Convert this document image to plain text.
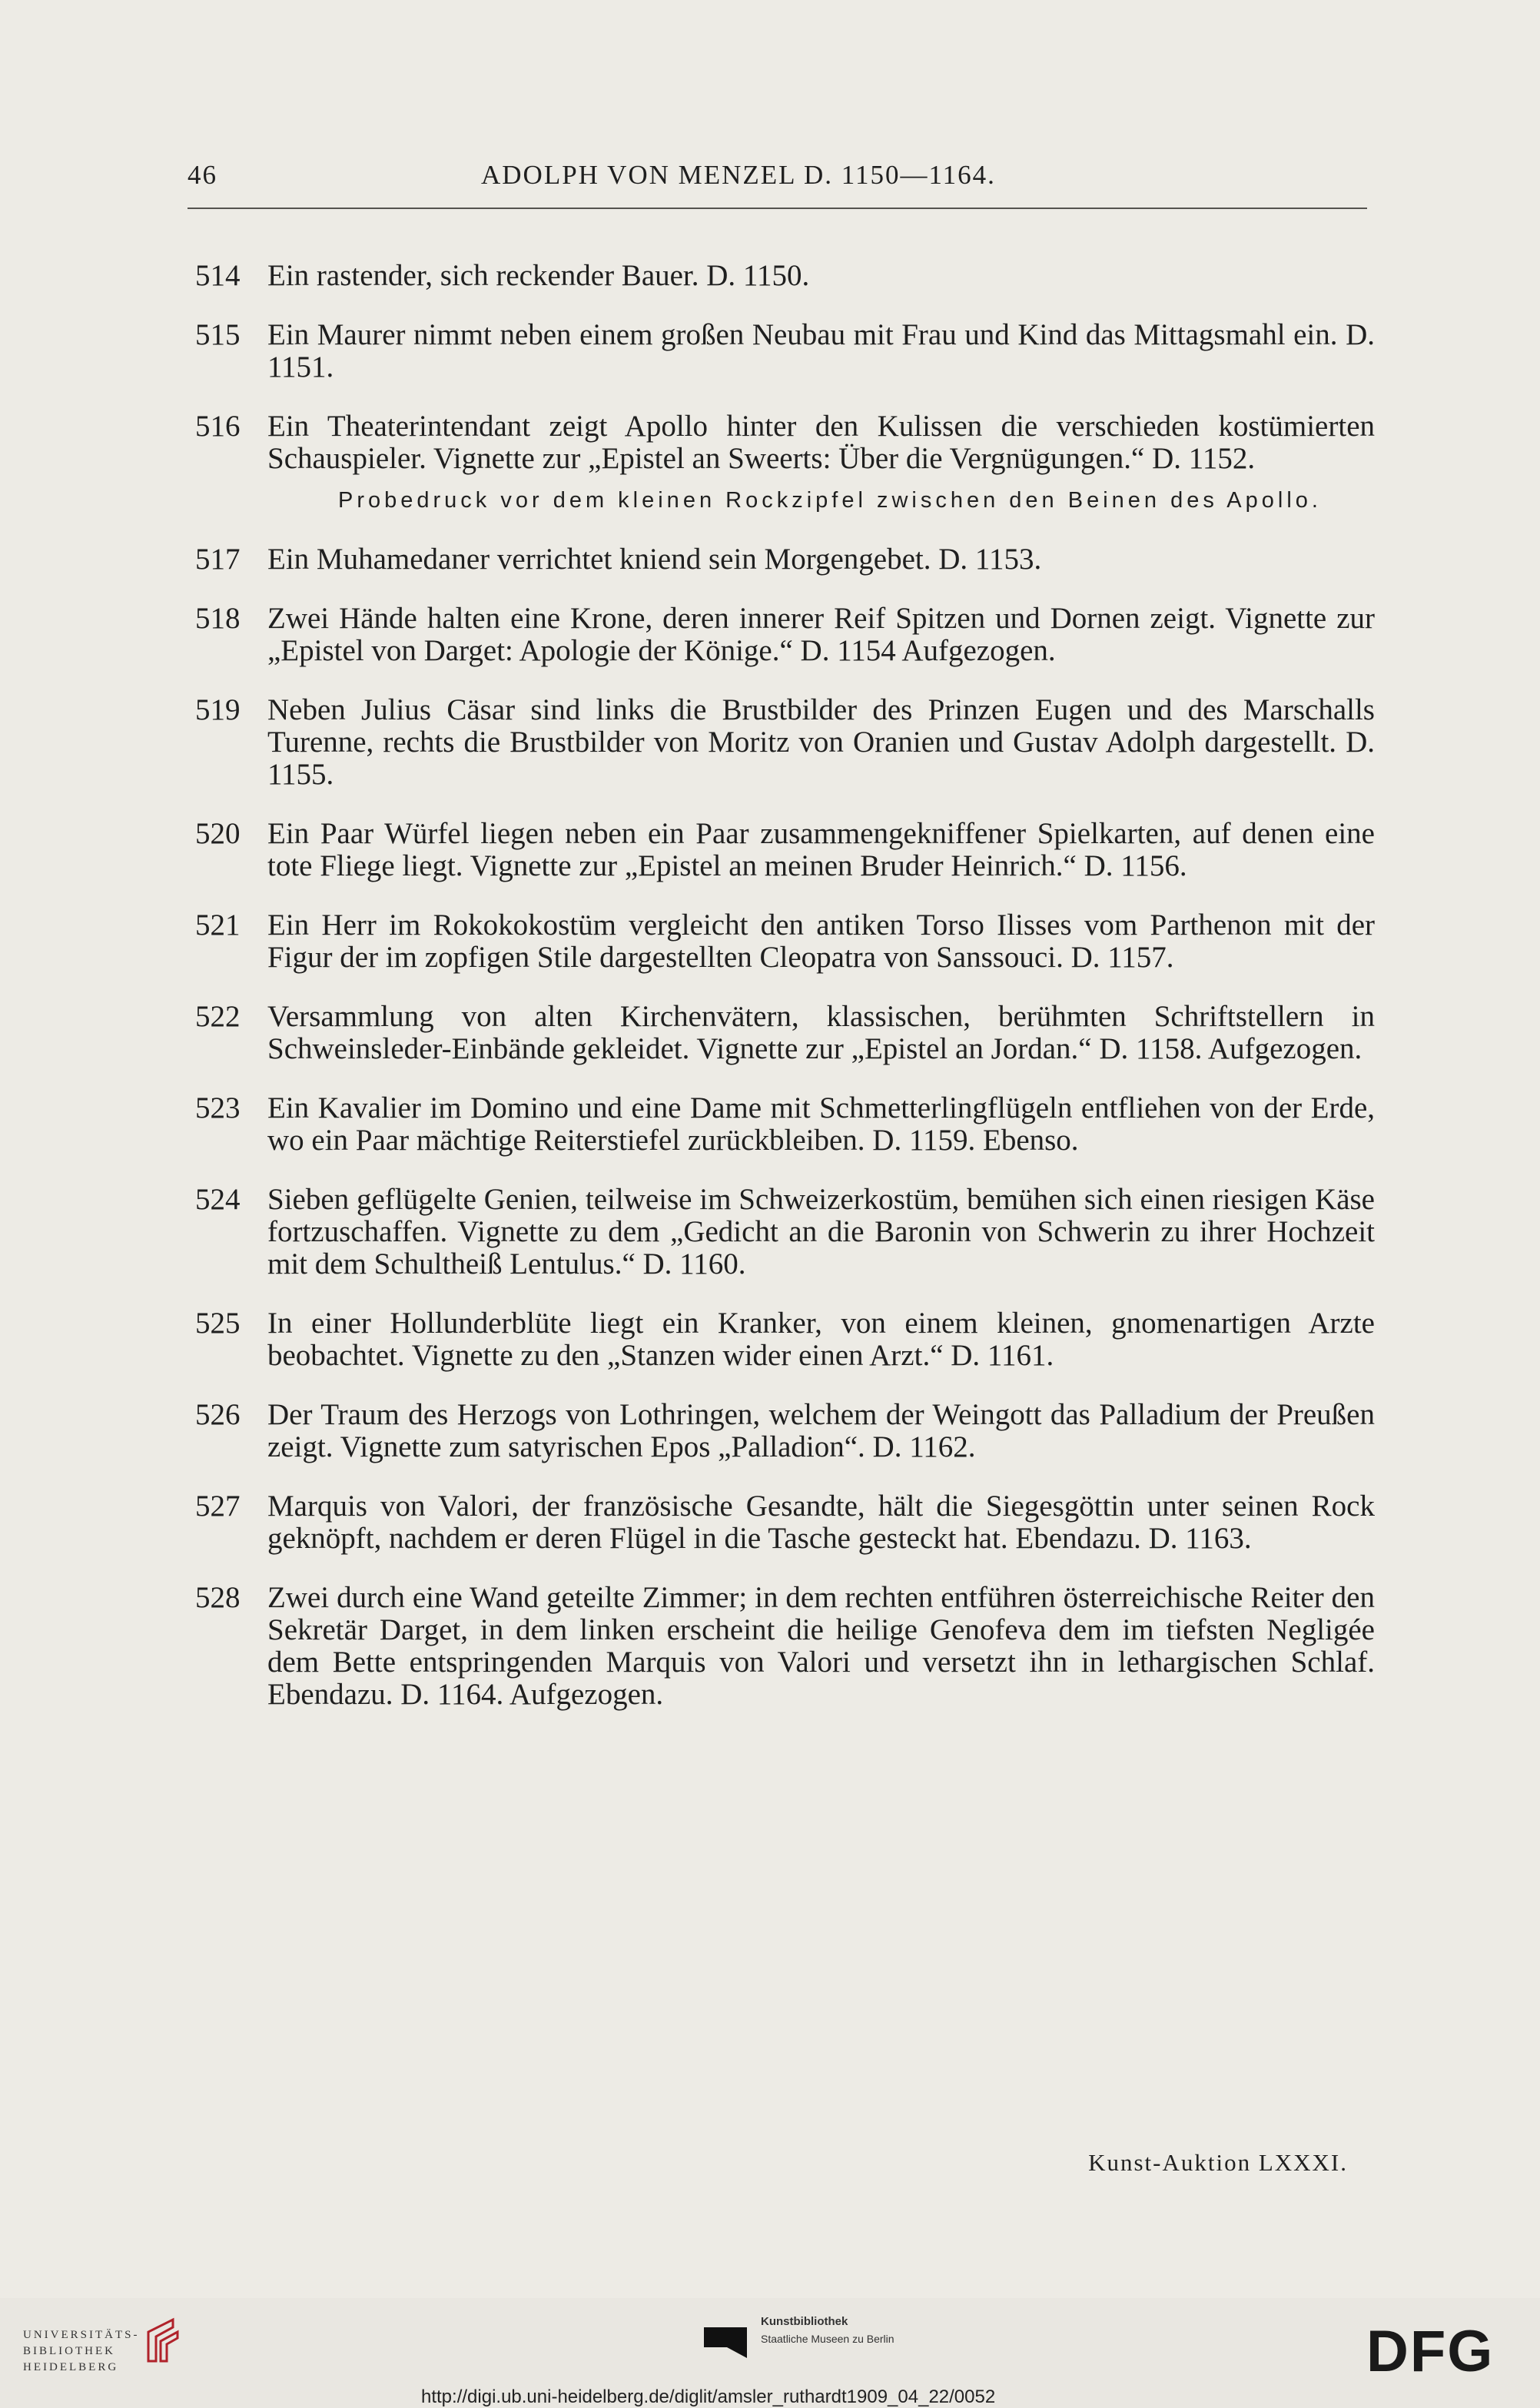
46	ADOLPH VON MENZEL D. 1150—1164.
514 Ein rastender, sich reckender Bauer. D. 1150.
515 Ein Maurer nimmt neben einem großen Neubau mit Frau und Kind das Mittagsmahl ein. D. 1151.
516 Ein Theaterintendant zeigt Apollo hinter den Kulissen die verschieden kostümierten Schauspieler. Vignette zur „Epistel an Sweerts: Über die Vergnügungen.“ D. 1152.
Probedruck vor dem kleinen Rockzipfel zwischen den Beinen des Apollo.
517 Ein Muhamedaner verrichtet kniend sein Morgengebet. D. 1153.
518 Zwei Hände halten eine Krone, deren innerer Reif Spitzen und Dornen zeigt. Vignette zur „Epistel von Darget: Apologie der Könige.“ D. 1154 Aufgezogen.
519 Neben Julius Cäsar sind links die Brustbilder des Prinzen Eugen und des Marschalls Turenne, rechts die Brustbilder von Moritz von Oranien und Gustav Adolph dargestellt. D. 1155.
520 Ein Paar Würfel liegen neben ein Paar zusammengekniffener Spielkarten, auf denen eine tote Fliege liegt. Vignette zur „Epistel an meinen Bruder Heinrich.“ D. 1156.
521 Ein Herr im Rokokokostüm vergleicht den antiken Torso Ilisses vom Parthenon mit der Figur der im zopfigen Stile dargestellten Cleopatra von Sanssouci. D. 1157.
522 Versammlung von alten Kirchenvätern, klassischen, berühmten Schriftstellern in Schweinsleder-Einbände gekleidet. Vignette zur „Epistel an Jordan.“ D. 1158. Aufgezogen.
523 Ein Kavalier im Domino und eine Dame mit Schmetterlingflügeln entfliehen von der Erde, wo ein Paar mächtige Reiterstiefel zurückbleiben. D. 1159. Ebenso.
524 Sieben geflügelte Genien, teilweise im Schweizerkostüm, bemühen sich einen riesigen Käse fortzuschaffen. Vignette zu dem „Gedicht an die Baronin von Schwerin zu ihrer Hochzeit mit dem Schultheiß Lentulus.“ D. 1160.
525 In einer Hollunderblüte liegt ein Kranker, von einem kleinen, gnomenartigen Arzte beobachtet. Vignette zu den „Stanzen wider einen Arzt.“ D. 1161.
526 Der Traum des Herzogs von Lothringen, welchem der Weingott das Palladium der Preußen zeigt. Vignette zum satyrischen Epos „Palladion“. D. 1162.
527 Marquis von Valori, der französische Gesandte, hält die Siegesgöttin unter seinen Rock geknöpft, nachdem er deren Flügel in die Tasche gesteckt hat. Ebendazu. D. 1163.
528 Zwei durch eine Wand geteilte Zimmer; in dem rechten entführen österreichische Reiter den Sekretär Darget, in dem linken erscheint die heilige Genofeva dem im tiefsten Negligée dem Bette entspringenden Marquis von Valori und versetzt ihn in lethargischen Schlaf. Ebendazu. D. 1164. Aufgezogen.
Kunst-Auktion LXXXI.
UNIVERSITÄTS-
BIBLIOTHEK
HEIDELBERG
Kunstbibliothek
Staatliche Museen zu Berlin	DFG
http://digi.ub.uni-heidelberg.de/diglit/amsler_ruthardt1909_04_22/0052
